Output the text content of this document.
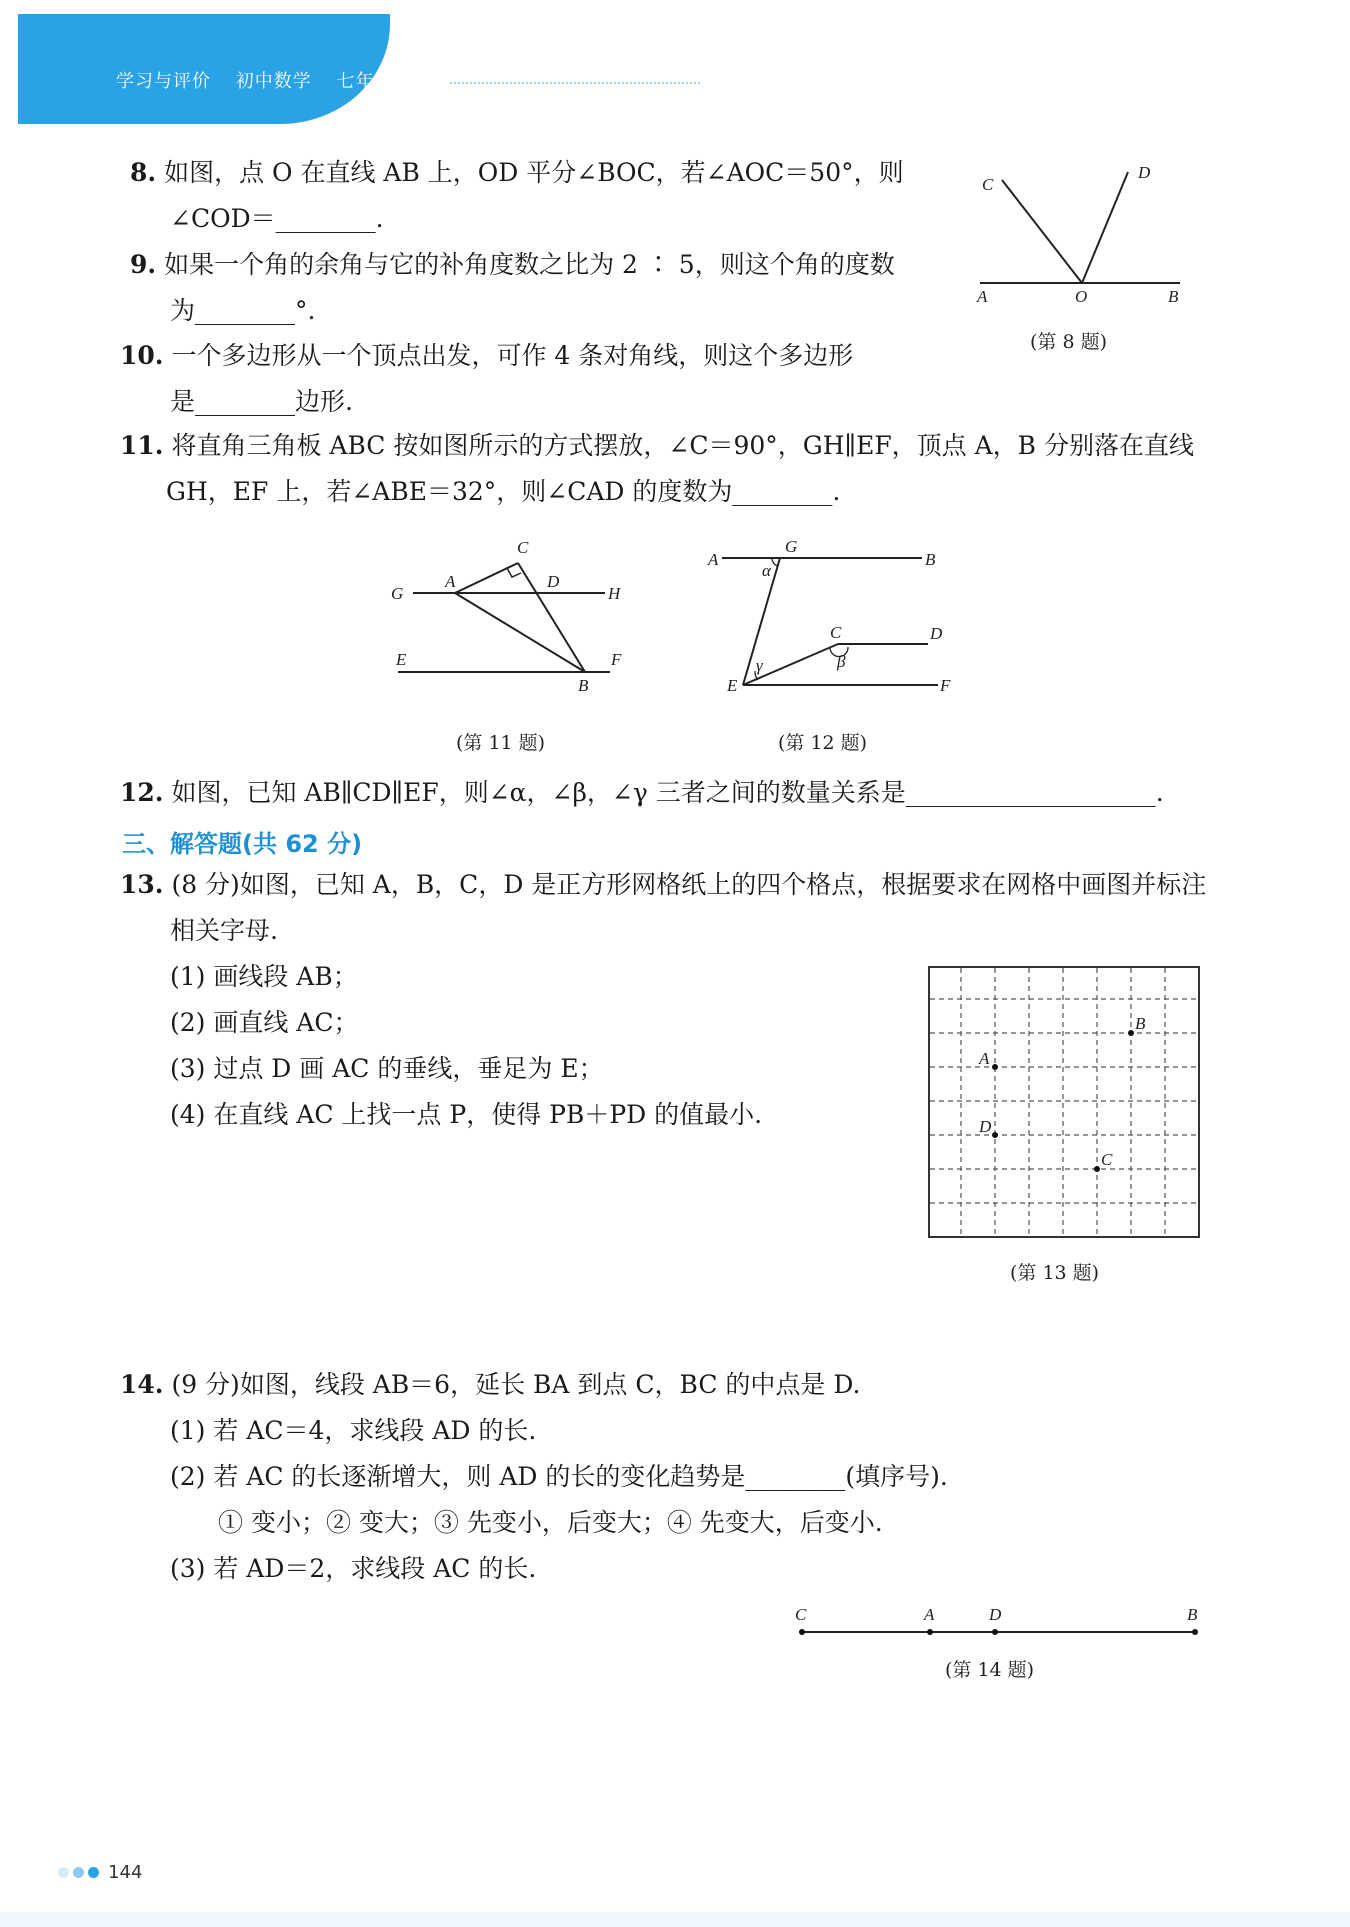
学习与评价 初中数学 七年级上册
8. 如图，点 O 在直线 AB 上，OD 平分∠BOC，若∠AOC＝50°，则
∠COD＝________.
9. 如果一个角的余角与它的补角度数之比为 2 ∶ 5，则这个角的度数
为________°.
10. 一个多边形从一个顶点出发，可作 4 条对角线，则这个多边形
是________边形.
C
D
A	O	B
(第 8 题)
11. 将直角三角板 ABC 按如图所示的方式摆放，∠C＝90°，GH∥EF，顶点 A，B 分别落在直线
GH，EF 上，若∠ABE＝32°，则∠CAD 的度数为________.
C
G
A	D
H
E	F
B
(第 11 题)
A
G
B
α
C	D
β
γ
E	F
(第 12 题)
12. 如图，已知 AB∥CD∥EF，则∠α，∠β，∠γ 三者之间的数量关系是____________________.
三、解答题(共 62 分)
13. (8 分)如图，已知 A，B，C，D 是正方形网格纸上的四个格点，根据要求在网格中画图并标注
相关字母.
(1) 画线段 AB；
(2) 画直线 AC；
(3) 过点 D 画 AC 的垂线，垂足为 E；
(4) 在直线 AC 上找一点 P，使得 PB＋PD 的值最小.
B
A
D
C
(第 13 题)
14. (9 分)如图，线段 AB＝6，延长 BA 到点 C，BC 的中点是 D.
(1) 若 AC＝4，求线段 AD 的长.
(2) 若 AC 的长逐渐增大，则 AD 的长的变化趋势是________(填序号).
① 变小；② 变大；③ 先变小，后变大；④ 先变大，后变小.
(3) 若 AD＝2，求线段 AC 的长.
C	A	D	B
(第 14 题)
144
